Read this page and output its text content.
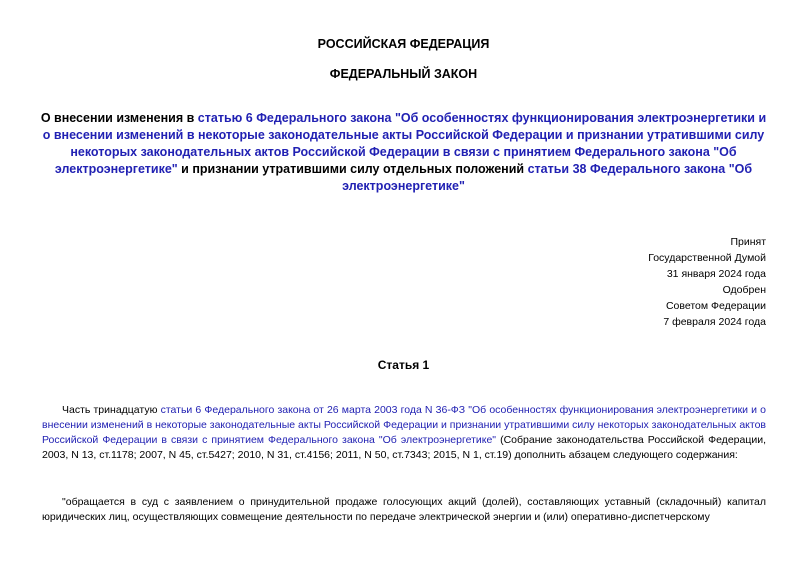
РОССИЙСКАЯ ФЕДЕРАЦИЯ
ФЕДЕРАЛЬНЫЙ ЗАКОН
О внесении изменения в статью 6 Федерального закона "Об особенностях функционирования электроэнергетики и о внесении изменений в некоторые законодательные акты Российской Федерации и признании утратившими силу некоторых законодательных актов Российской Федерации в связи с принятием Федерального закона "Об электроэнергетике" и признании утратившими силу отдельных положений статьи 38 Федерального закона "Об электроэнергетике"
Принят
Государственной Думой
31 января 2024 года
Одобрен
Советом Федерации
7 февраля 2024 года
Статья 1
Часть тринадцатую статьи 6 Федерального закона от 26 марта 2003 года N 36-ФЗ "Об особенностях функционирования электроэнергетики и о внесении изменений в некоторые законодательные акты Российской Федерации и признании утратившими силу некоторых законодательных актов Российской Федерации в связи с принятием Федерального закона "Об электроэнергетике" (Собрание законодательства Российской Федерации, 2003, N 13, ст.1178; 2007, N 45, ст.5427; 2010, N 31, ст.4156; 2011, N 50, ст.7343; 2015, N 1, ст.19) дополнить абзацем следующего содержания:
"обращается в суд с заявлением о принудительной продаже голосующих акций (долей), составляющих уставный (складочный) капитал юридических лиц, осуществляющих совмещение деятельности по передаче электрической энергии и (или) оперативно-диспетчерскому
